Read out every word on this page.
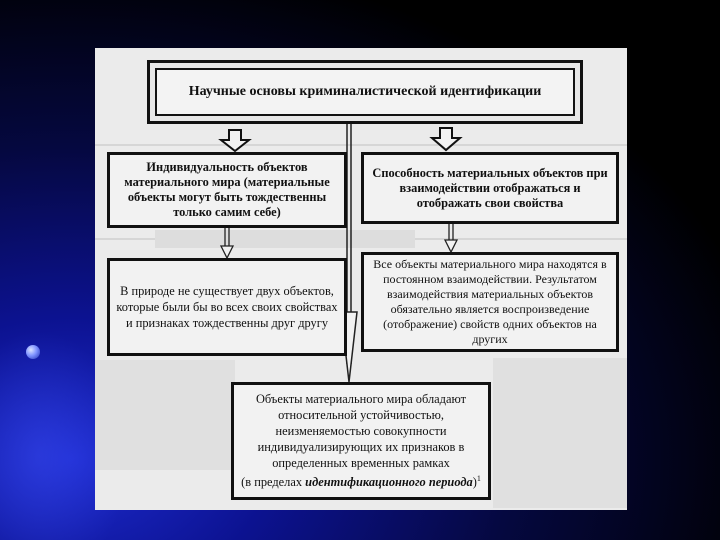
Научные основы криминалистической идентификации
Индивидуальность объектов материального мира (материальные объекты могут быть тождественны только самим себе)
Способность материальных объектов при взаимодействии отображаться и отображать свои свойства
В природе не существует двух объектов, которые были бы во всех своих свойствах и признаках тождественны друг другу
Все объекты материального мира находятся в постоянном взаимодействии. Результатом взаимодействия материальных объектов обязательно является воспроизведение (отображение) свойств одних объектов на других
Объекты материального мира обладают относительной устойчивостью, неизменяемостью совокупности индивидуализирующих их признаков в определенных временных рамках
(в пределах идентификационного периода)$^1$
